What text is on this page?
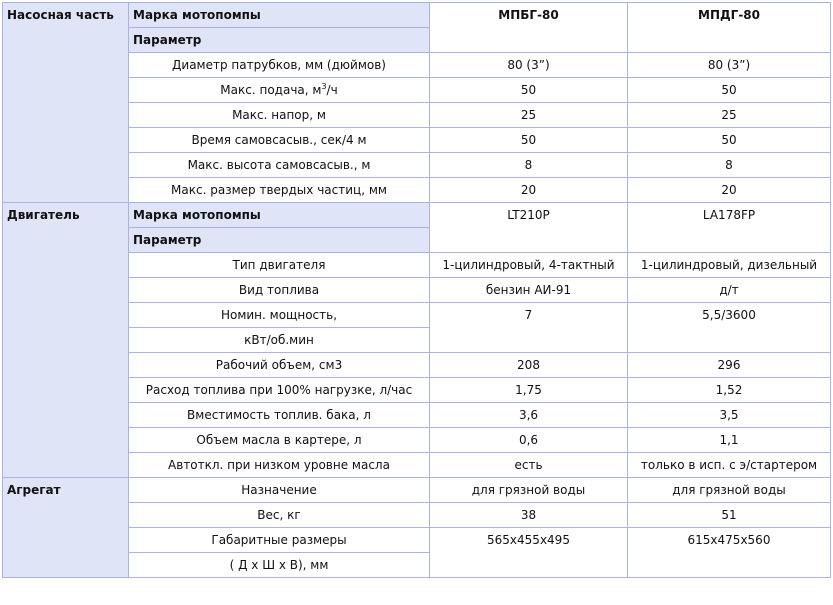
Насосная часть	Марка мотопомпы	МПБГ-80	МПДГ-80
	Параметр		
	Диаметр патрубков, мм (дюймов)	80 (3”)	80 (3”)
	Макс. подача, $м^3/ч$	50	50
	Макс. напор, м	25	25
	Время самовсасыв., сек/4 м	50	50
	Макс. высота самовсасыв., м	8	8
	Макс. размер твердых частиц, мм	20	20
Двигатель	Марка мотопомпы	LT210P	LA178FP
	Параметр		
	Тип двигателя	1-цилиндровый, 4-тактный	1-цилиндровый, дизельный
	Вид топлива	бензин АИ-91	д/т
	Номин. мощность,	7	5,5/3600
	кВт/об.мин		
	Рабочий объем, см3	208	296
	Расход топлива при 100% нагрузке, л/час	1,75	1,52
	Вместимость топлив. бака, л	3,6	3,5
	Объем масла в картере, л	0,6	1,1
	Автоткл. при низком уровне масла	есть	только в исп. с э/стартером
Агрегат	Назначение	для грязной воды	для грязной воды
	Вес, кг	38	51
	Габаритные размеры	565x455x495	615x475x560
	( Д х Ш х В), мм		
